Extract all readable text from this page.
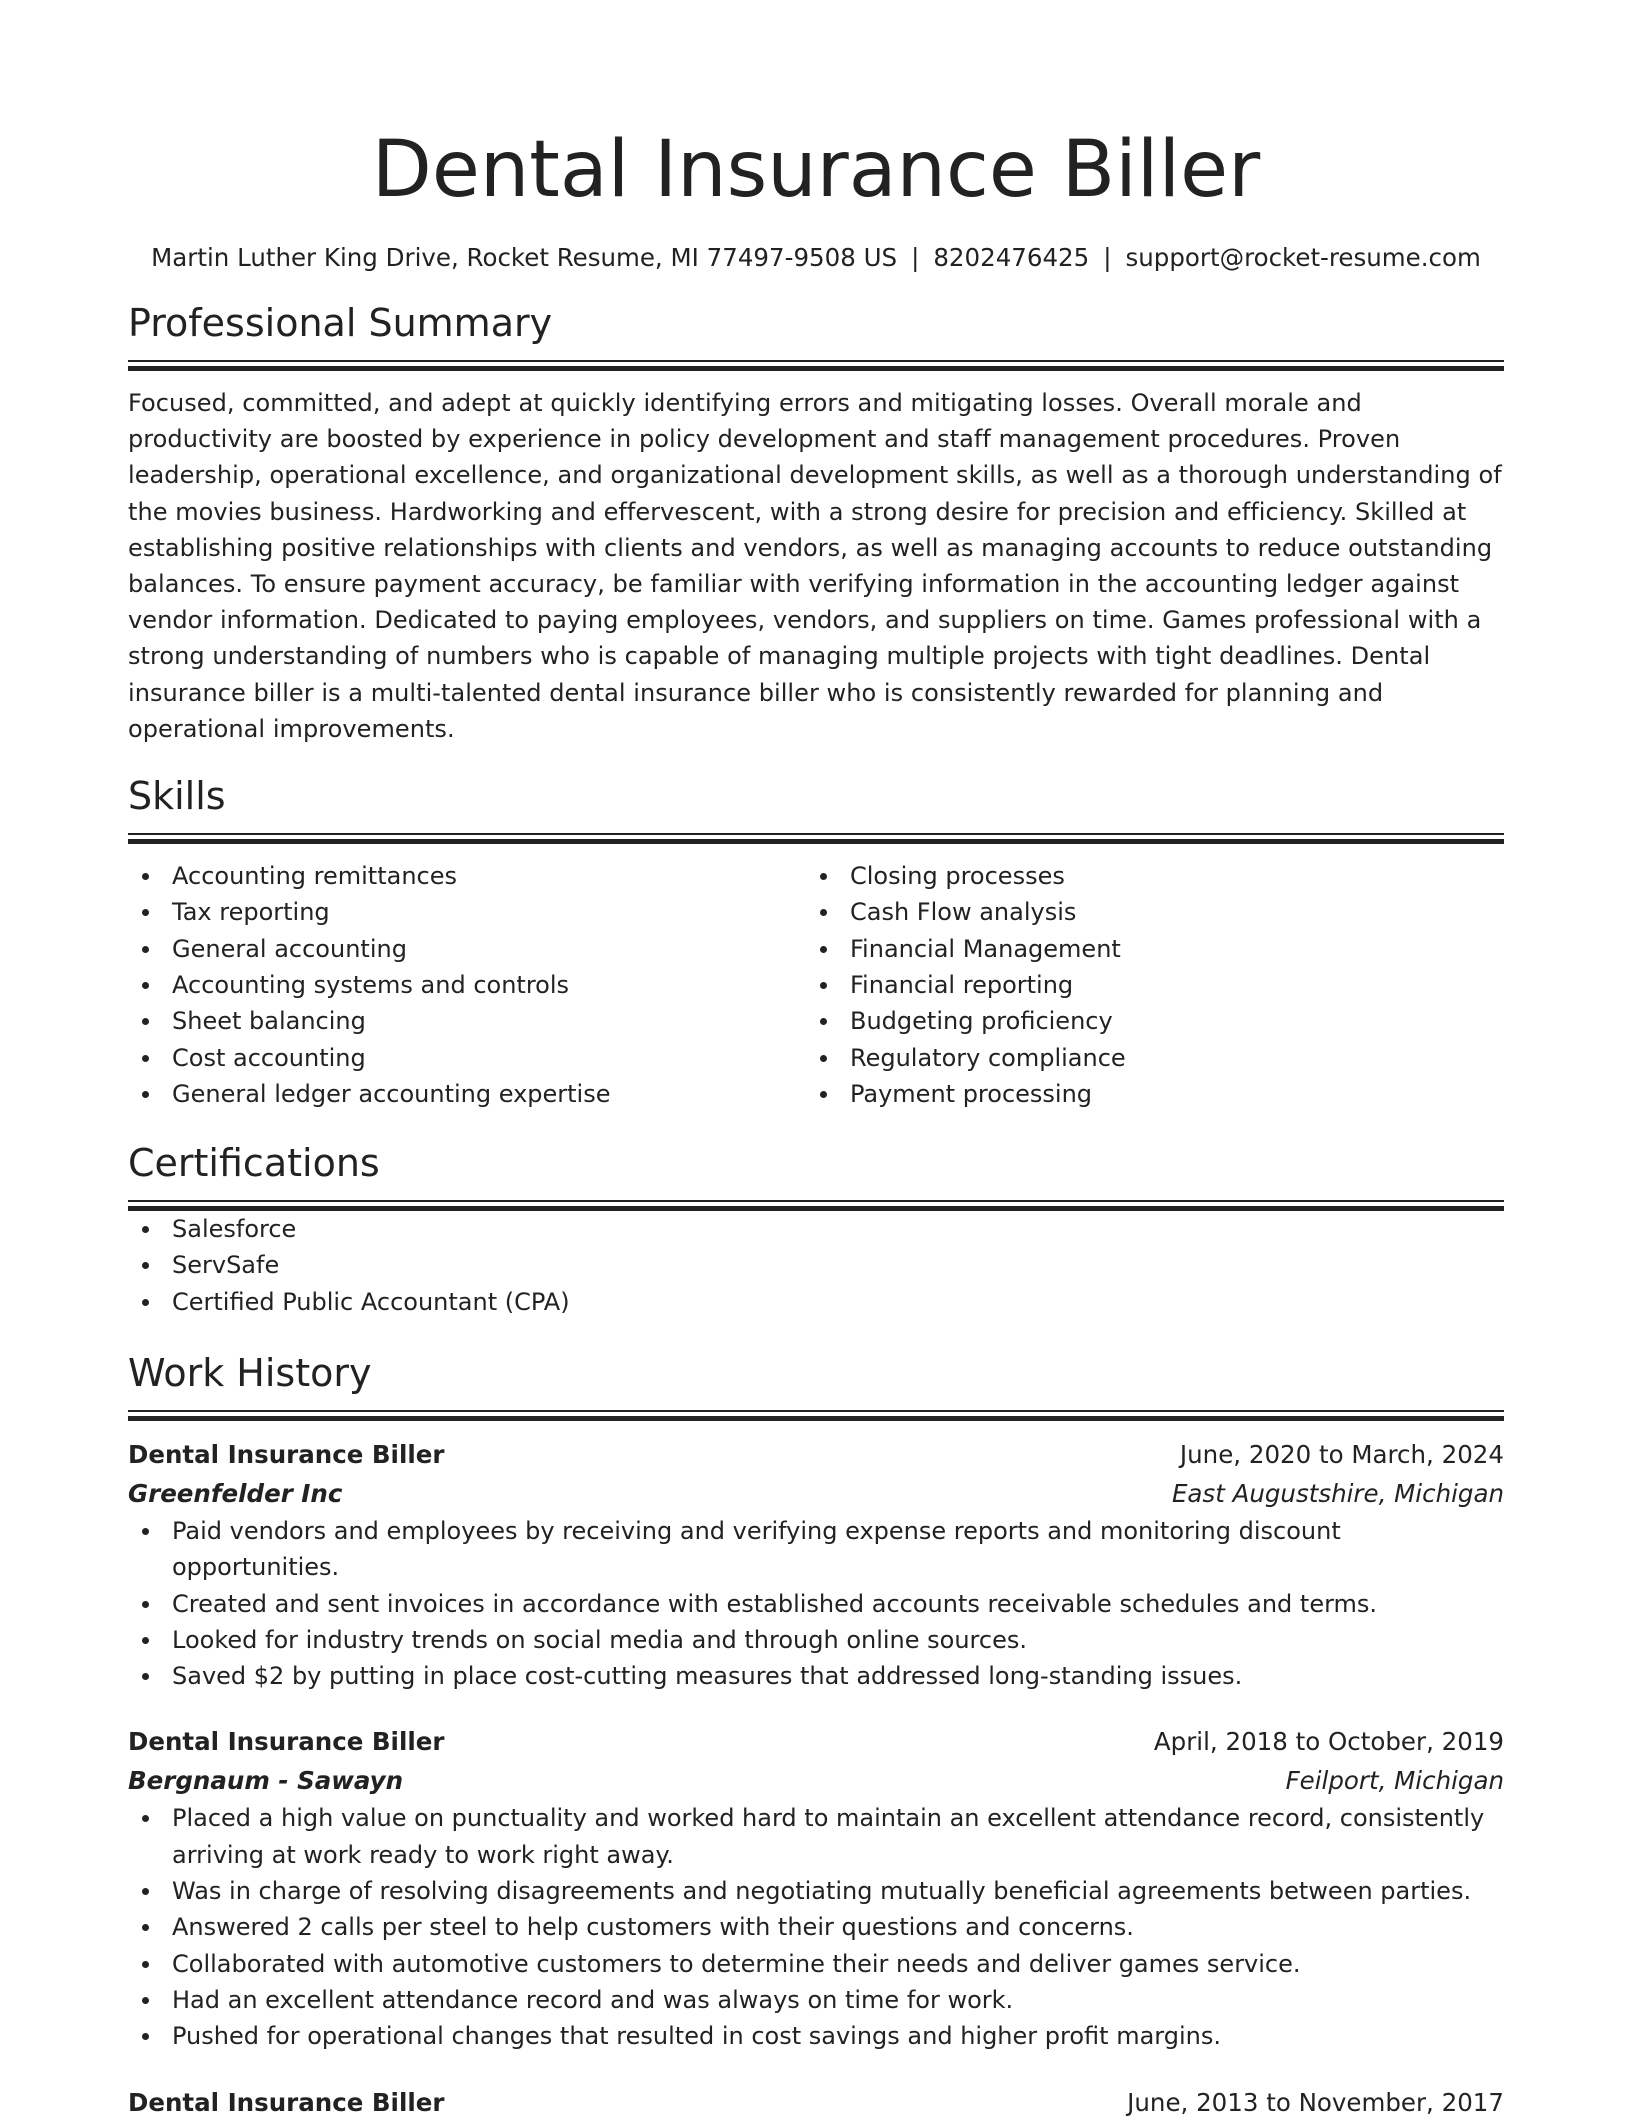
Dental Insurance Biller
Martin Luther King Drive, Rocket Resume, MI 77497-9508 US | 8202476425 | support@rocket-resume.com
Professional Summary
Focused, committed, and adept at quickly identifying errors and mitigating losses. Overall morale and productivity are boosted by experience in policy development and staff management procedures. Proven leadership, operational excellence, and organizational development skills, as well as a thorough understanding of the movies business. Hardworking and effervescent, with a strong desire for precision and efficiency. Skilled at establishing positive relationships with clients and vendors, as well as managing accounts to reduce outstanding balances. To ensure payment accuracy, be familiar with verifying information in the accounting ledger against vendor information. Dedicated to paying employees, vendors, and suppliers on time. Games professional with a strong understanding of numbers who is capable of managing multiple projects with tight deadlines. Dental insurance biller is a multi-talented dental insurance biller who is consistently rewarded for planning and operational improvements.
Skills
Accounting remittances
Tax reporting
General accounting
Accounting systems and controls
Sheet balancing
Cost accounting
General ledger accounting expertise
Closing processes
Cash Flow analysis
Financial Management
Financial reporting
Budgeting proficiency
Regulatory compliance
Payment processing
Certifications
Salesforce
ServSafe
Certified Public Accountant (CPA)
Work History
Dental Insurance Biller	June, 2020 to March, 2024
Greenfelder Inc	East Augustshire, Michigan
Paid vendors and employees by receiving and verifying expense reports and monitoring discount opportunities.
Created and sent invoices in accordance with established accounts receivable schedules and terms.
Looked for industry trends on social media and through online sources.
Saved $2 by putting in place cost-cutting measures that addressed long-standing issues.
Dental Insurance Biller	April, 2018 to October, 2019
Bergnaum - Sawayn	Feilport, Michigan
Placed a high value on punctuality and worked hard to maintain an excellent attendance record, consistently arriving at work ready to work right away.
Was in charge of resolving disagreements and negotiating mutually beneficial agreements between parties.
Answered 2 calls per steel to help customers with their questions and concerns.
Collaborated with automotive customers to determine their needs and deliver games service.
Had an excellent attendance record and was always on time for work.
Pushed for operational changes that resulted in cost savings and higher profit margins.
Dental Insurance Biller	June, 2013 to November, 2017
